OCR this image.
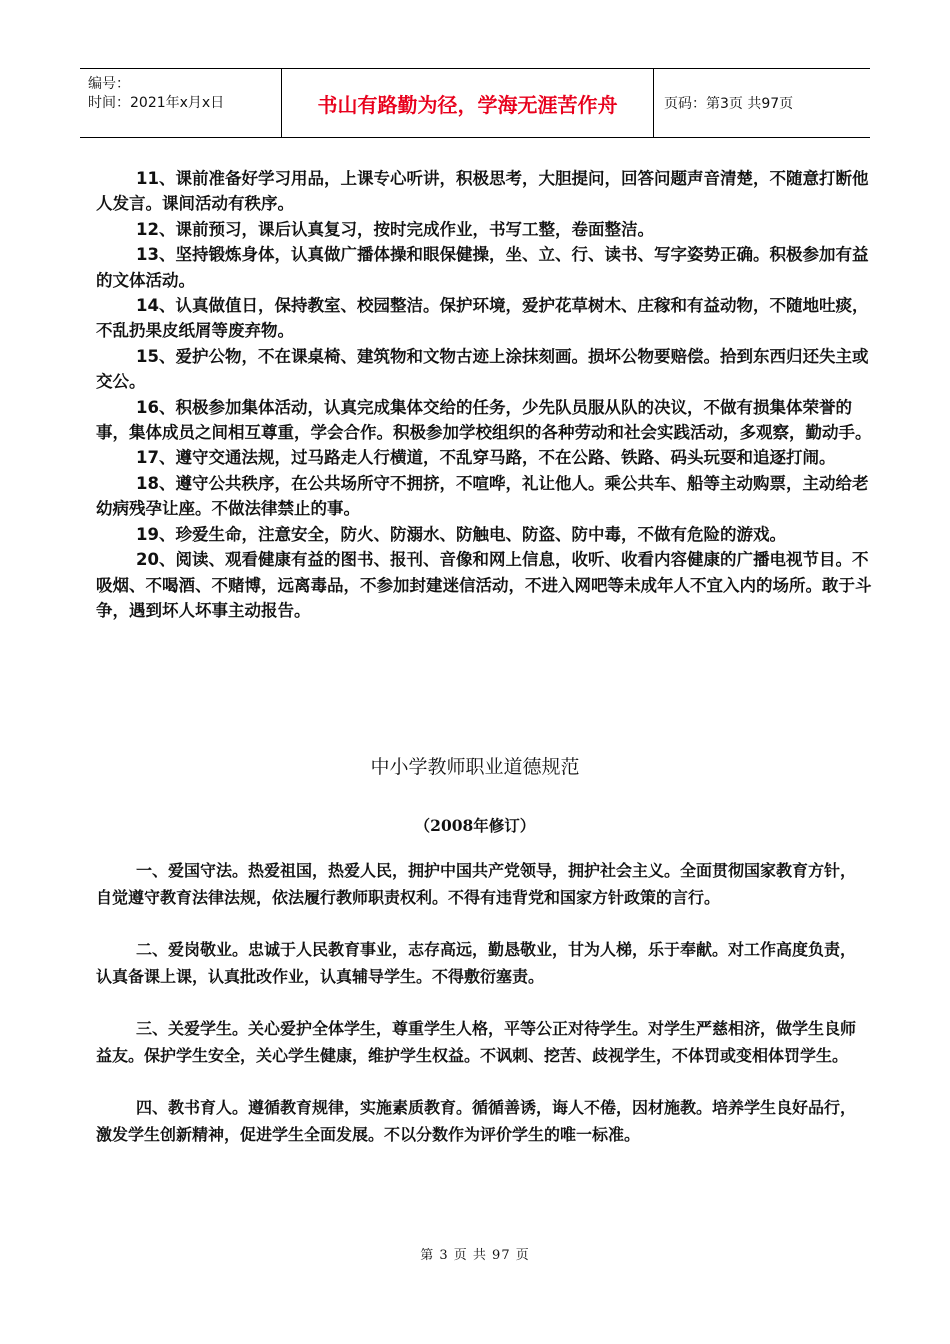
编号：
时间：2021年x月x日	书山有路勤为径，学海无涯苦作舟	页码：第3页 共97页

11、课前准备好学习用品，上课专心听讲，积极思考，大胆提问，回答问题声音清楚，不随意打断他人发言。课间活动有秩序。

12、课前预习，课后认真复习，按时完成作业，书写工整，卷面整洁。

13、坚持锻炼身体，认真做广播体操和眼保健操，坐、立、行、读书、写字姿势正确。积极参加有益的文体活动。

14、认真做值日，保持教室、校园整洁。保护环境，爱护花草树木、庄稼和有益动物，不随地吐痰，不乱扔果皮纸屑等废弃物。

15、爱护公物，不在课桌椅、建筑物和文物古迹上涂抹刻画。损坏公物要赔偿。拾到东西归还失主或交公。

16、积极参加集体活动，认真完成集体交给的任务，少先队员服从队的决议，不做有损集体荣誉的事，集体成员之间相互尊重，学会合作。积极参加学校组织的各种劳动和社会实践活动，多观察，勤动手。

17、遵守交通法规，过马路走人行横道，不乱穿马路，不在公路、铁路、码头玩耍和追逐打闹。

18、遵守公共秩序，在公共场所守不拥挤，不喧哗，礼让他人。乘公共车、船等主动购票，主动给老幼病残孕让座。不做法律禁止的事。

19、珍爱生命，注意安全，防火、防溺水、防触电、防盗、防中毒，不做有危险的游戏。

20、阅读、观看健康有益的图书、报刊、音像和网上信息，收听、收看内容健康的广播电视节目。不吸烟、不喝酒、不赌博，远离毒品，不参加封建迷信活动，不进入网吧等未成年人不宜入内的场所。敢于斗争，遇到坏人坏事主动报告。

中小学教师职业道德规范
（2008年修订）

一、爱国守法。热爱祖国，热爱人民，拥护中国共产党领导，拥护社会主义。全面贯彻国家教育方针，自觉遵守教育法律法规，依法履行教师职责权利。不得有违背党和国家方针政策的言行。

二、爱岗敬业。忠诚于人民教育事业，志存高远，勤恳敬业，甘为人梯，乐于奉献。对工作高度负责，认真备课上课，认真批改作业，认真辅导学生。不得敷衍塞责。

三、关爱学生。关心爱护全体学生，尊重学生人格，平等公正对待学生。对学生严慈相济，做学生良师益友。保护学生安全，关心学生健康，维护学生权益。不讽刺、挖苦、歧视学生，不体罚或变相体罚学生。

四、教书育人。遵循教育规律，实施素质教育。循循善诱，诲人不倦，因材施教。培养学生良好品行，激发学生创新精神，促进学生全面发展。不以分数作为评价学生的唯一标准。

第 3 页 共 97 页
